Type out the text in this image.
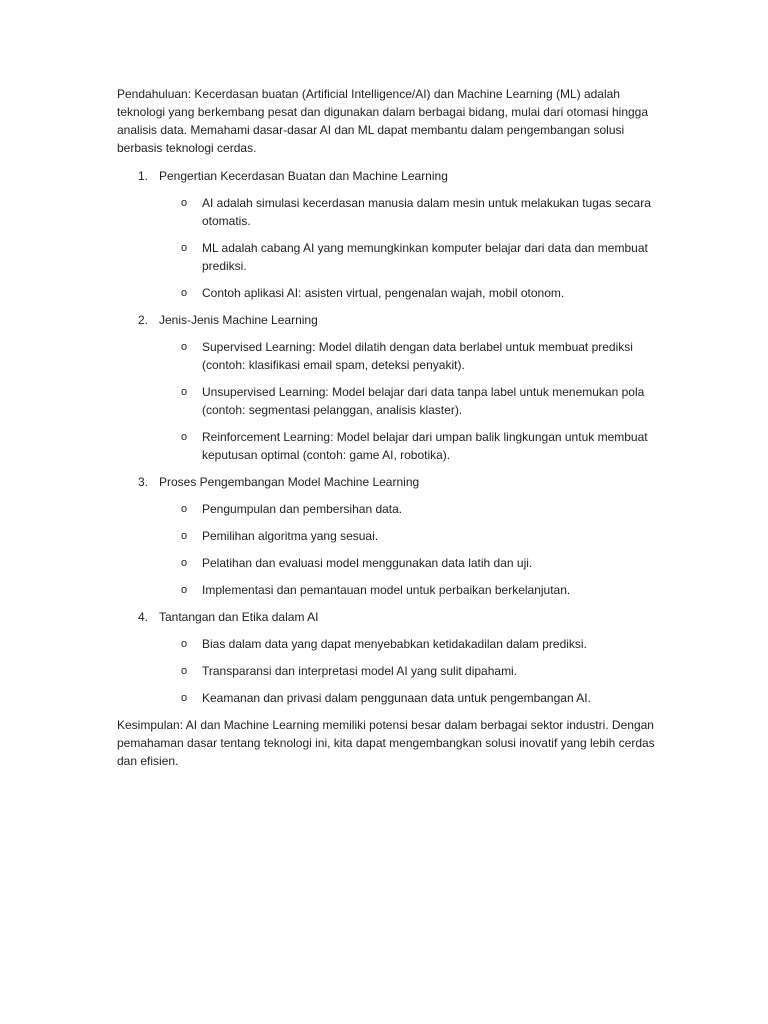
Pendahuluan: Kecerdasan buatan (Artificial Intelligence/AI) dan Machine Learning (ML) adalah teknologi yang berkembang pesat dan digunakan dalam berbagai bidang, mulai dari otomasi hingga analisis data. Memahami dasar-dasar AI dan ML dapat membantu dalam pengembangan solusi berbasis teknologi cerdas.

1. Pengertian Kecerdasan Buatan dan Machine Learning
o	AI adalah simulasi kecerdasan manusia dalam mesin untuk melakukan tugas secara otomatis.
o	ML adalah cabang AI yang memungkinkan komputer belajar dari data dan membuat prediksi.
o	Contoh aplikasi AI: asisten virtual, pengenalan wajah, mobil otonom.
2. Jenis-Jenis Machine Learning
o	Supervised Learning: Model dilatih dengan data berlabel untuk membuat prediksi (contoh: klasifikasi email spam, deteksi penyakit).
o	Unsupervised Learning: Model belajar dari data tanpa label untuk menemukan pola (contoh: segmentasi pelanggan, analisis klaster).
o	Reinforcement Learning: Model belajar dari umpan balik lingkungan untuk membuat keputusan optimal (contoh: game AI, robotika).
3. Proses Pengembangan Model Machine Learning
o	Pengumpulan dan pembersihan data.
o	Pemilihan algoritma yang sesuai.
o	Pelatihan dan evaluasi model menggunakan data latih dan uji.
o	Implementasi dan pemantauan model untuk perbaikan berkelanjutan.
4. Tantangan dan Etika dalam AI
o	Bias dalam data yang dapat menyebabkan ketidakadilan dalam prediksi.
o	Transparansi dan interpretasi model AI yang sulit dipahami.
o	Keamanan dan privasi dalam penggunaan data untuk pengembangan AI.

Kesimpulan: AI dan Machine Learning memiliki potensi besar dalam berbagai sektor industri. Dengan pemahaman dasar tentang teknologi ini, kita dapat mengembangkan solusi inovatif yang lebih cerdas dan efisien.
